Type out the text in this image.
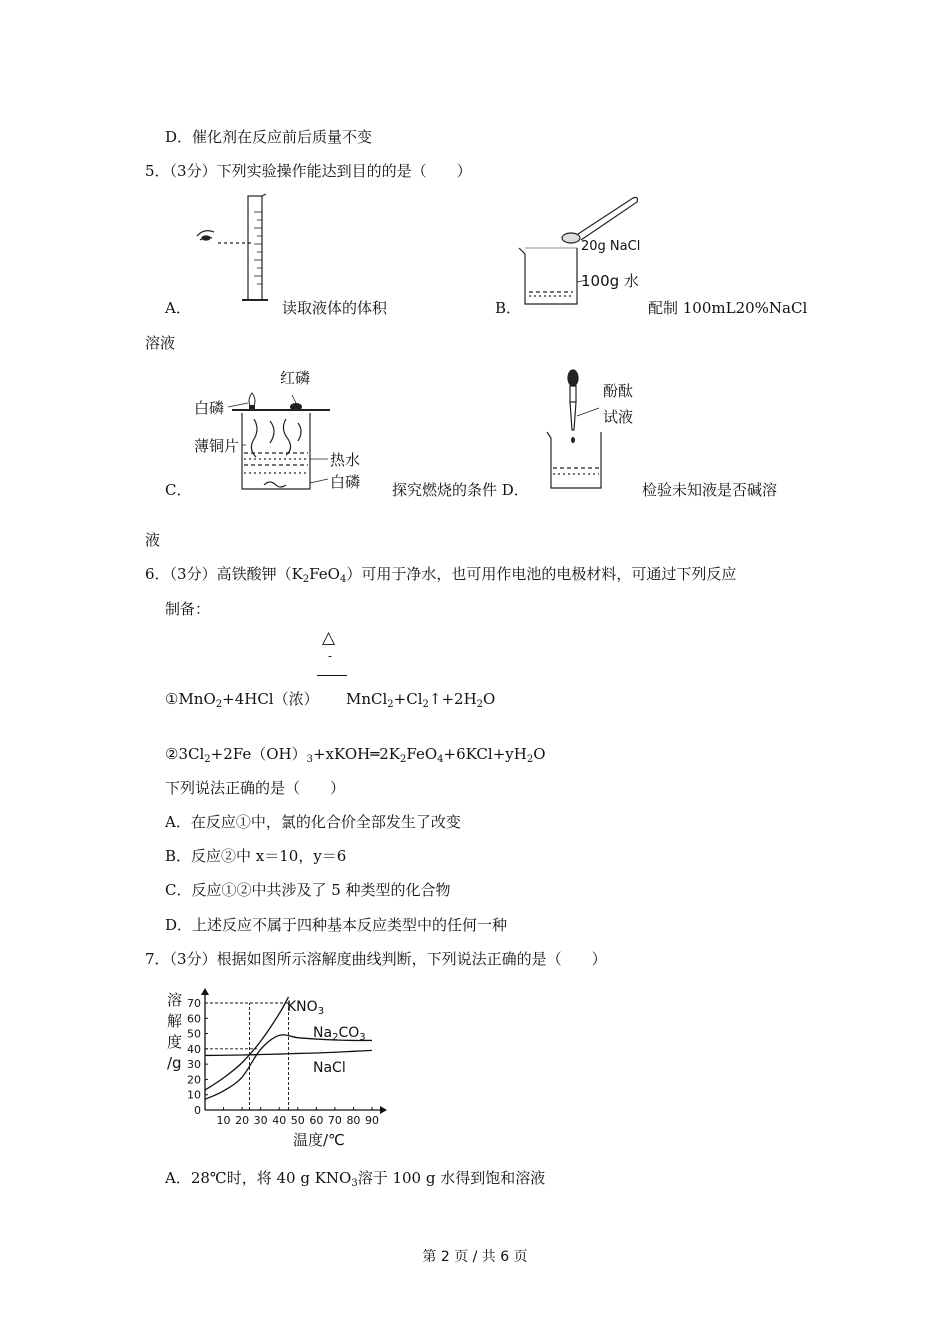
D．催化剂在反应前后质量不变
5．（3分）下列实验操作能达到目的的是（　　）
A．	读取液体的体积
20g NaCl
100g 水
B．	配制 100mL20%NaCl
溶液
红磷
白磷
薄铜片
热水
白磷
C．	探究燃烧的条件 D．
酚酞
试液
检验未知液是否碱溶
液
6．（3分）高铁酸钾$(K_2FeO_4)$可用于净水，也可用作电池的电极材料，可通过下列反应
制备：
△
-
①MnO$_2$+4HCl（浓） $MnCl_2+Cl_2↑+2H_2O$
$②3Cl_2+2Fe(OH)_3+xKOH═2K_2FeO_4+6KCl+yH_2O$
下列说法正确的是（　　）
A．在反应①中，氯的化合价全部发生了改变
B．反应②中 x＝10，y＝6
C．反应①②中共涉及了 5 种类型的化合物
D．上述反应不属于四种基本反应类型中的任何一种
7．（3分）根据如图所示溶解度曲线判断，下列说法正确的是（　　）
0
10
20
30
40
50
60
70
10 20 30 40 50 60 70 80 90
溶
解
度
/g
温度/℃
$KNO_3$
$Na_2CO_3$
NaCl
A．28℃时，将 40 g $KNO_3$溶于 100 g 水得到饱和溶液
第 2 页 / 共 6 页
